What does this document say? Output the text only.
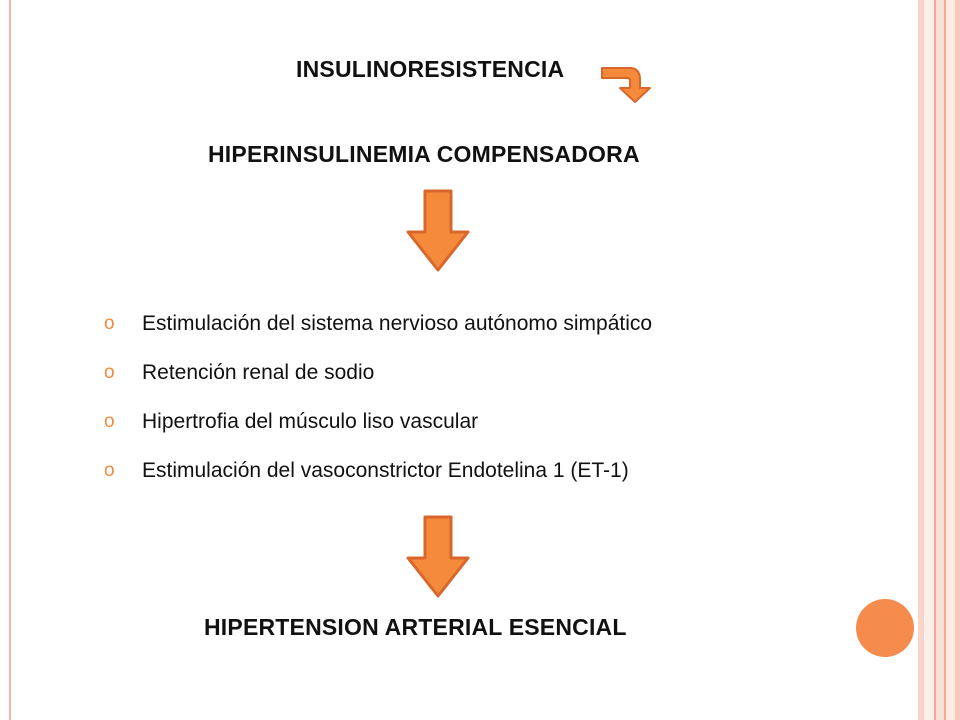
INSULINORESISTENCIA
HIPERINSULINEMIA COMPENSADORA
o	Estimulación del sistema nervioso autónomo simpático
o	Retención renal de sodio
o	Hipertrofia del músculo liso vascular
o	Estimulación del vasoconstrictor Endotelina 1 (ET-1)
HIPERTENSION ARTERIAL ESENCIAL
